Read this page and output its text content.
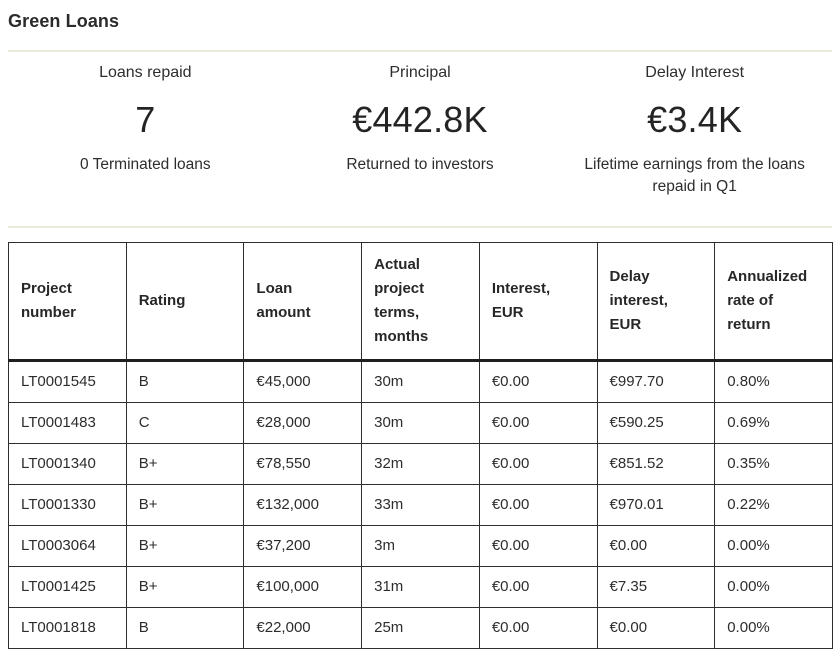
Green Loans
Loans repaid
7
0 Terminated loans
Principal
€442.8K
Returned to investors
Delay Interest
€3.4K
Lifetime earnings from the loans repaid in Q1
Project number	Rating	Loan amount	Actual project terms, months	Interest, EUR	Delay interest, EUR	Annualized rate of return
LT0001545	B	€45,000	30m	€0.00	€997.70	0.80%
LT0001483	C	€28,000	30m	€0.00	€590.25	0.69%
LT0001340	B+	€78,550	32m	€0.00	€851.52	0.35%
LT0001330	B+	€132,000	33m	€0.00	€970.01	0.22%
LT0003064	B+	€37,200	3m	€0.00	€0.00	0.00%
LT0001425	B+	€100,000	31m	€0.00	€7.35	0.00%
LT0001818	B	€22,000	25m	€0.00	€0.00	0.00%
